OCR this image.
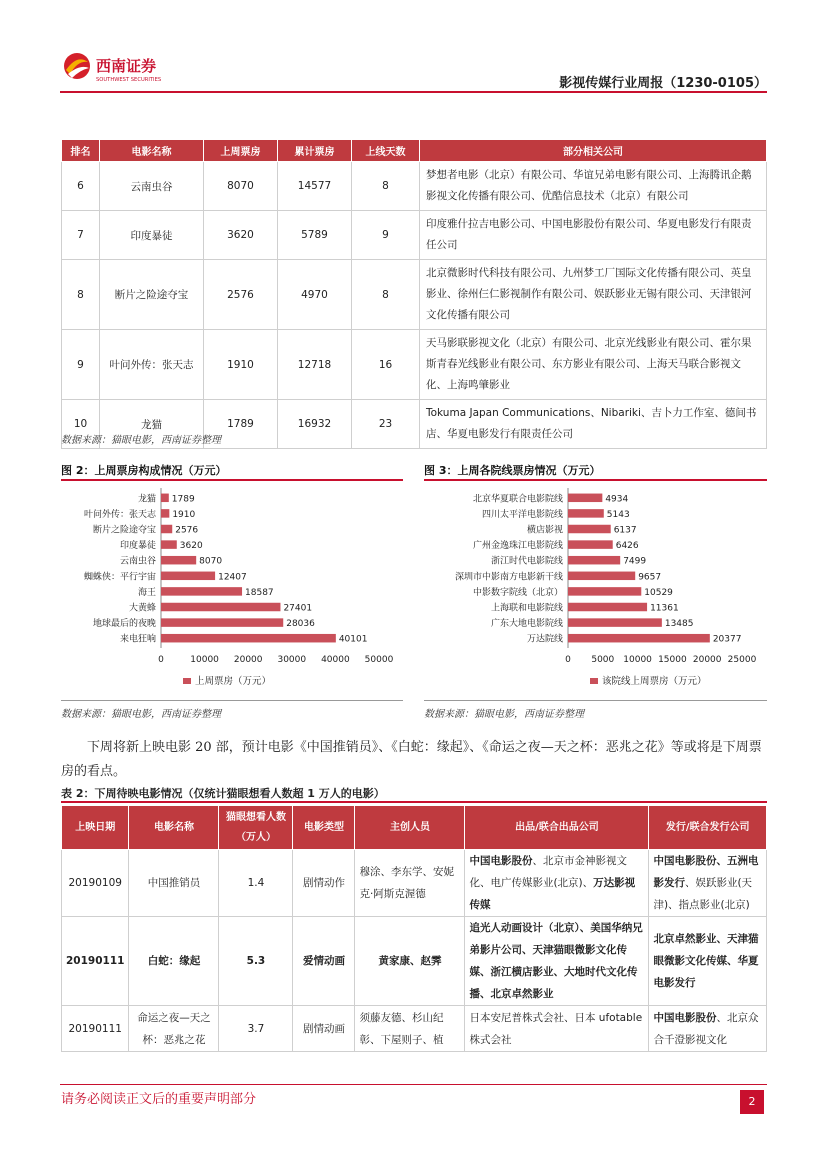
西南证券
SOUTHWEST SECURITIES	影视传媒行业周报（1230-0105）
排名	电影名称	上周票房	累计票房	上线天数	部分相关公司
6	云南虫谷	8070	14577	8	梦想者电影（北京）有限公司、华谊兄弟电影有限公司、上海腾讯企鹅影视文化传播有限公司、优酷信息技术（北京）有限公司
7	印度暴徒	3620	5789	9	印度雅什拉吉电影公司、中国电影股份有限公司、华夏电影发行有限责任公司
8	断片之险途夺宝	2576	4970	8	北京微影时代科技有限公司、九州梦工厂国际文化传播有限公司、英皇影业、徐州仨仁影视制作有限公司、娱跃影业无锡有限公司、天津银河文化传播有限公司
9	叶问外传：张天志	1910	12718	16	天马影联影视文化（北京）有限公司、北京光线影业有限公司、霍尔果斯青春光线影业有限公司、东方影业有限公司、上海天马联合影视文化、上海鸣肇影业
10	龙猫	1789	16932	23	Tokuma Japan Communications、Nibariki、吉卜力工作室、德间书店、华夏电影发行有限责任公司
数据来源：猫眼电影，西南证券整理
图 2：上周票房构成情况（万元）
龙猫 1789
叶问外传：张天志 1910
断片之险途夺宝 2576
印度暴徒	3620
云南虫谷	8070
蜘蛛侠：平行宇宙	12407
海王	18587
大黄蜂	27401
地球最后的夜晚	28036
来电狂响	40101
0	10000 20000 30000 40000 50000
上周票房（万元）
数据来源：猫眼电影，西南证券整理
图 3：上周各院线票房情况（万元）
北京华夏联合电影院线	4934
四川太平洋电影院线	5143
横店影视	6137
广州金逸珠江电影院线	6426
浙江时代电影院线	7499
深圳市中影南方电影新干线	9657
中影数字院线（北京）	10529
上海联和电影院线	11361
广东大地电影院线	13485
万达院线	20377
0 5000 10000 15000 20000 25000
该院线上周票房（万元）
数据来源：猫眼电影，西南证券整理
下周将新上映电影 20 部，预计电影《中国推销员》、《白蛇：缘起》、《命运之夜—天之杯：恶兆之花》等或将是下周票房的看点。
表 2：下周待映电影情况（仅统计猫眼想看人数超 1 万人的电影）
上映日期	电影名称	猫眼想看人数（万人）	电影类型	主创人员	出品/联合出品公司	发行/联合发行公司
20190109	中国推销员	1.4	剧情动作	穆涂、李东学、安妮克·阿斯克渥德	中国电影股份、北京市金神影视文化、电广传媒影业(北京)、万达影视传媒	中国电影股份、五洲电影发行、娱跃影业(天津)、指点影业(北京)
20190111	白蛇：缘起	5.3	爱情动画	黄家康、赵霁	追光人动画设计（北京）、美国华纳兄弟影片公司、天津猫眼微影文化传媒、浙江横店影业、大地时代文化传播、北京卓然影业	北京卓然影业、天津猫眼微影文化传媒、华夏电影发行
20190111	命运之夜—天之杯：恶兆之花	3.7	剧情动画	须藤友德、杉山纪彰、下屋则子、植	日本安尼普株式会社、日本 ufotable株式会社	中国电影股份、北京众合千澄影视文化
请务必阅读正文后的重要声明部分	2
